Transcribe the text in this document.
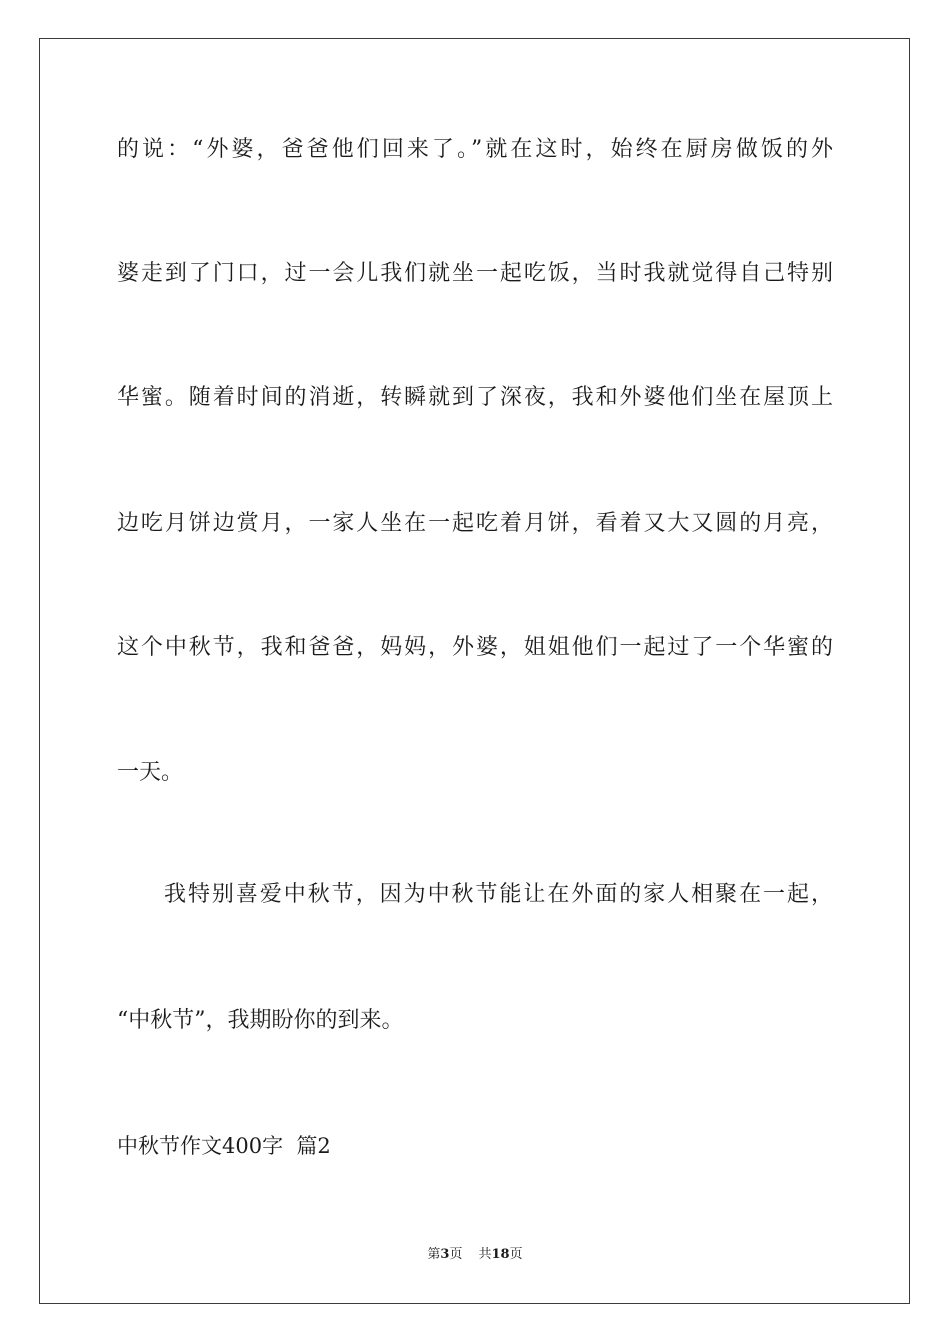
的说：“外婆，爸爸他们回来了。”就在这时，始终在厨房做饭的外
婆走到了门口，过一会儿我们就坐一起吃饭，当时我就觉得自己特别
华蜜。随着时间的消逝，转瞬就到了深夜，我和外婆他们坐在屋顶上
边吃月饼边赏月，一家人坐在一起吃着月饼，看着又大又圆的月亮，
这个中秋节，我和爸爸，妈妈，外婆，姐姐他们一起过了一个华蜜的
一天。
我特别喜爱中秋节，因为中秋节能让在外面的家人相聚在一起，
“中秋节”，我期盼你的到来。
中秋节作文400字  篇2
第3页 共18页
